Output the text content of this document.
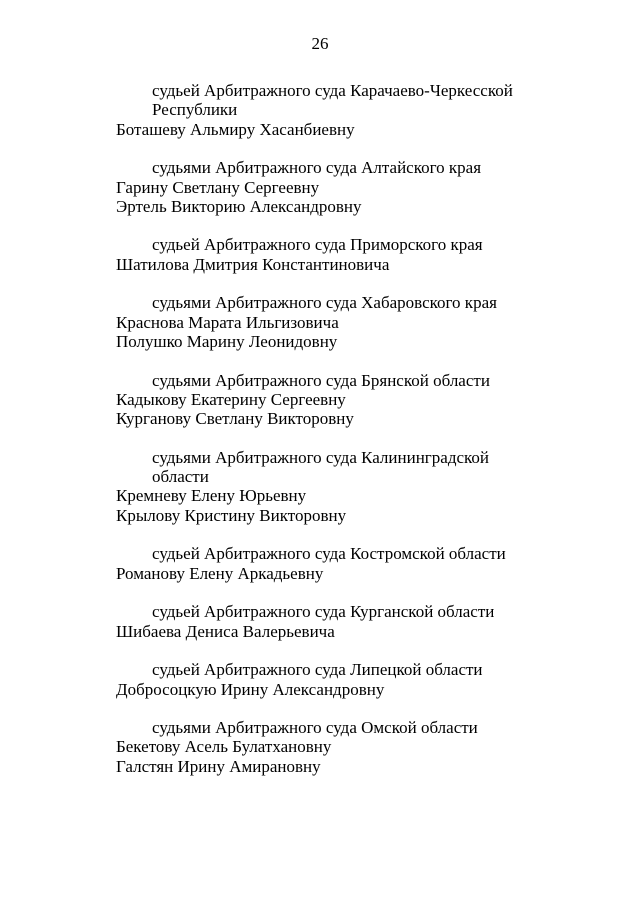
26
судьей Арбитражного суда Карачаево-Черкесской
Республики
Боташеву Альмиру Хасанбиевну
судьями Арбитражного суда Алтайского края
Гарину Светлану Сергеевну
Эртель Викторию Александровну
судьей Арбитражного суда Приморского края
Шатилова Дмитрия Константиновича
судьями Арбитражного суда Хабаровского края
Краснова Марата Ильгизовича
Полушко Марину Леонидовну
судьями Арбитражного суда Брянской области
Кадыкову Екатерину Сергеевну
Курганову Светлану Викторовну
судьями Арбитражного суда Калининградской
области
Кремневу Елену Юрьевну
Крылову Кристину Викторовну
судьей Арбитражного суда Костромской области
Романову Елену Аркадьевну
судьей Арбитражного суда Курганской области
Шибаева Дениса Валерьевича
судьей Арбитражного суда Липецкой области
Добросоцкую Ирину Александровну
судьями Арбитражного суда Омской области
Бекетову Асель Булатхановну
Галстян Ирину Амирановну
